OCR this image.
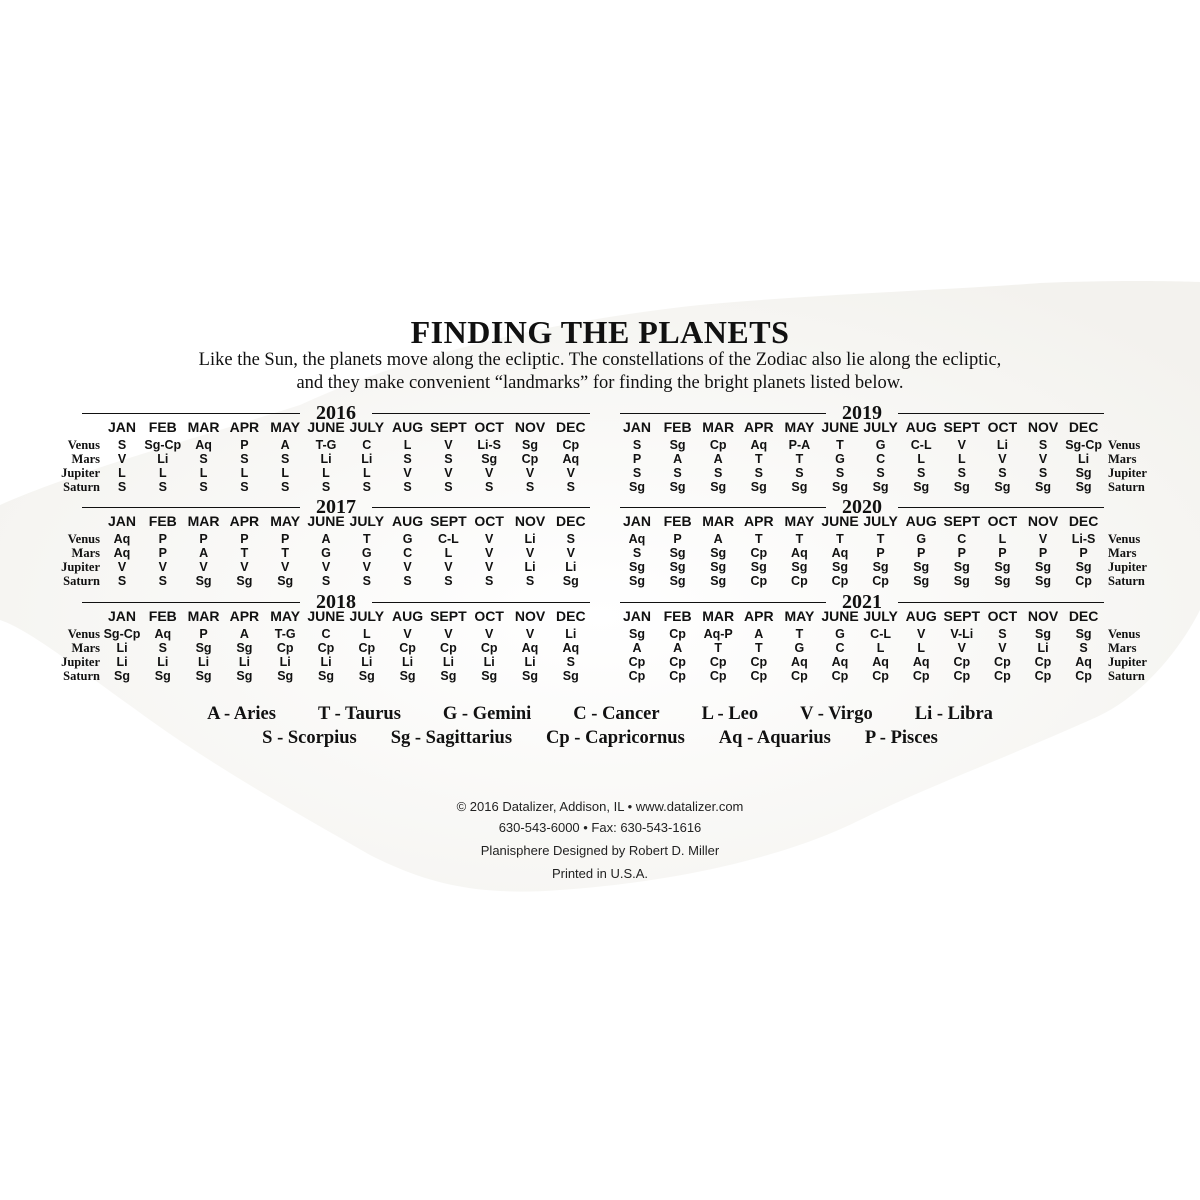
FINDING THE PLANETS
Like the Sun, the planets move along the ecliptic. The constellations of the Zodiac also lie along the ecliptic,
and they make convenient “landmarks” for finding the bright planets listed below.
2016
JAN FEB MAR APR MAY JUNE JULY AUG SEPT OCT NOV DEC
Venus	S	Sg-Cp	Aq	P	A	T-G	C	L	V	Li-S	Sg	Cp
Mars	V	Li	S	S	S	Li	Li	S	S	Sg	Cp	Aq
Jupiter	L	L	L	L	L	L	L	V	V	V	V	V
Saturn	S	S	S	S	S	S	S	S	S	S	S	S
2017
JAN FEB MAR APR MAY JUNE JULY AUG SEPT OCT NOV DEC
Venus	Aq	P	P	P	P	A	T	G	C-L	V	Li	S
Mars	Aq	P	A	T	T	G	G	C	L	V	V	V
Jupiter	V	V	V	V	V	V	V	V	V	V	Li	Li
Saturn	S	S	Sg	Sg	Sg	S	S	S	S	S	S	Sg
2018
JAN FEB MAR APR MAY JUNE JULY AUG SEPT OCT NOV DEC
Venus Sg-Cp	Aq	P	A	T-G	C	L	V	V	V	V	Li
Mars	Li	S	Sg	Sg	Cp	Cp	Cp	Cp	Cp	Cp	Aq	Aq
Jupiter	Li	Li	Li	Li	Li	Li	Li	Li	Li	Li	Li	S
Saturn	Sg	Sg	Sg	Sg	Sg	Sg	Sg	Sg	Sg	Sg	Sg	Sg
2019
JAN FEB MAR APR MAY JUNE JULY AUG SEPT OCT NOV DEC
Venus
S	Sg	Cp	Aq	P-A	T	G	C-L	V	Li	S	Sg-Cp
Mars
P	A	A	T	T	G	C	L	L	V	V	Li
Jupiter
S	S	S	S	S	S	S	S	S	S	S	Sg
Saturn
Sg	Sg	Sg	Sg	Sg	Sg	Sg	Sg	Sg	Sg	Sg	Sg
2020
JAN FEB MAR APR MAY JUNE JULY AUG SEPT OCT NOV DEC
Venus
Aq	P	A	T	T	T	T	G	C	L	V	Li-S
Mars
S	Sg	Sg	Cp	Aq	Aq	P	P	P	P	P	P
Jupiter
Sg	Sg	Sg	Sg	Sg	Sg	Sg	Sg	Sg	Sg	Sg	Sg
Saturn
Sg	Sg	Sg	Cp	Cp	Cp	Cp	Sg	Sg	Sg	Sg	Cp
2021
JAN FEB MAR APR MAY JUNE JULY AUG SEPT OCT NOV DEC
Venus
Sg	Cp	Aq-P	A	T	G	C-L	V	V-Li	S	Sg	Sg
Mars
A	A	T	T	G	C	L	L	V	V	Li	S
Jupiter
Cp	Cp	Cp	Cp	Aq	Aq	Aq	Aq	Cp	Cp	Cp	Aq
Saturn
Cp	Cp	Cp	Cp	Cp	Cp	Cp	Cp	Cp	Cp	Cp	Cp
A - Aries T - Taurus G - Gemini C - Cancer L - Leo V - Virgo Li - Libra
S - Scorpius Sg - Sagittarius Cp - Capricornus Aq - Aquarius P - Pisces
© 2016 Datalizer, Addison, IL • www.datalizer.com
630-543-6000 • Fax: 630-543-1616
Planisphere Designed by Robert D. Miller
Printed in U.S.A.
